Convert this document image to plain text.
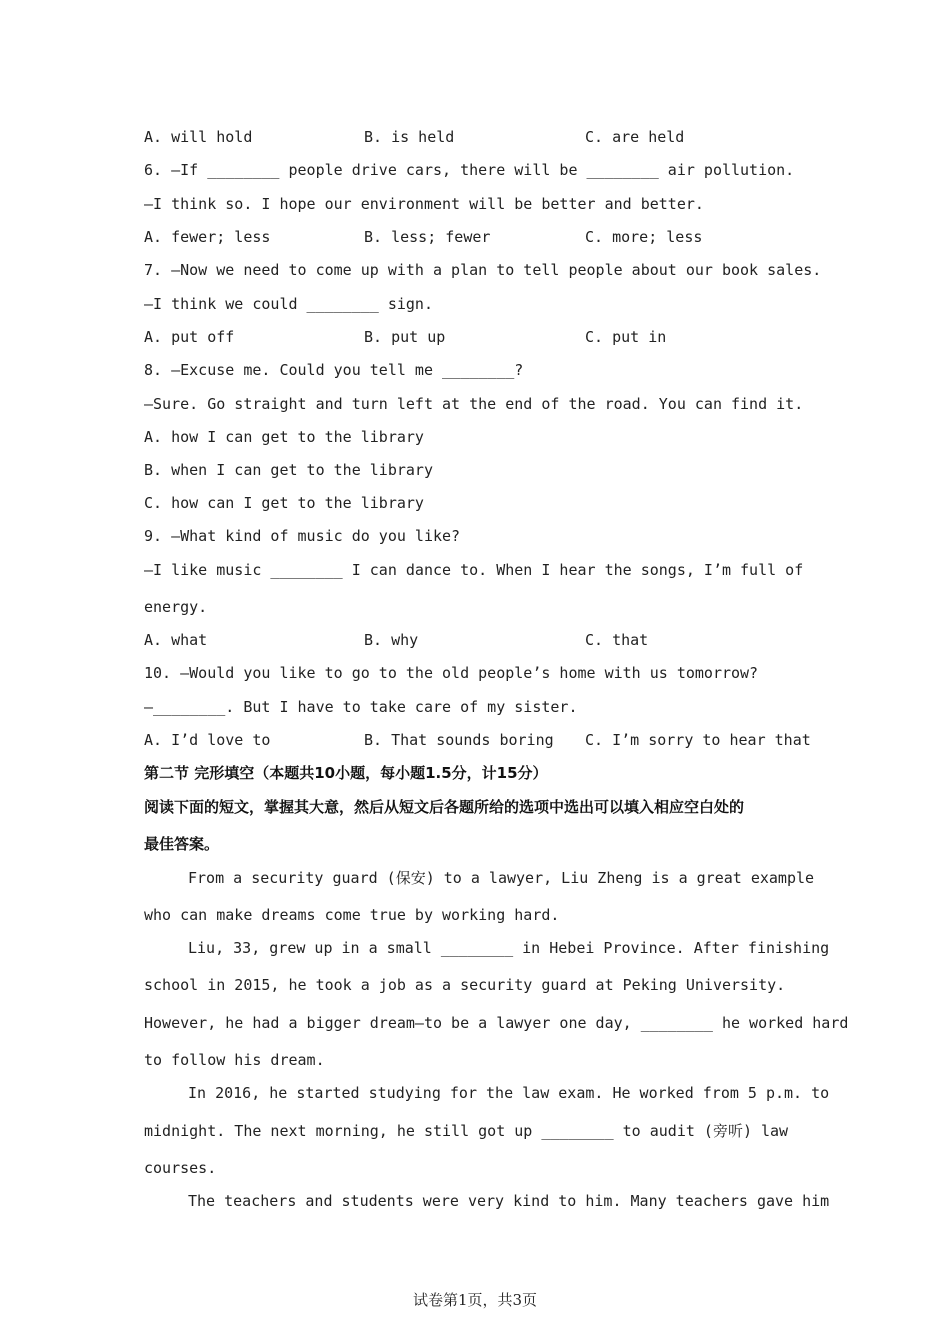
A. will hold	B. is held	C. are held
6. —If ________ people drive cars, there will be ________ air pollution.
—I think so. I hope our environment will be better and better.
A. fewer; less	B. less; fewer	C. more; less
7. —Now we need to come up with a plan to tell people about our book sales.
—I think we could ________ sign.
A. put off	B. put up	C. put in
8. —Excuse me. Could you tell me ________?
—Sure. Go straight and turn left at the end of the road. You can find it.
A. how I can get to the library
B. when I can get to the library
C. how can I get to the library
9. —What kind of music do you like?
—I like music ________ I can dance to. When I hear the songs, I’m full of
energy.
A. what	B. why	C. that
10. —Would you like to go to the old people’s home with us tomorrow?
—________. But I have to take care of my sister.
A. I’d love to	B. That sounds boring C. I’m sorry to hear that
第二节 完形填空（本题共10小题，每小题1.5分，计15分）
阅读下面的短文，掌握其大意，然后从短文后各题所给的选项中选出可以填入相应空白处的
最佳答案。
From a security guard (保安) to a lawyer, Liu Zheng is a great example
who can make dreams come true by working hard.
Liu, 33, grew up in a small ________ in Hebei Province. After finishing
school in 2015, he took a job as a security guard at Peking University.
However, he had a bigger dream—to be a lawyer one day, ________ he worked hard
to follow his dream.
In 2016, he started studying for the law exam. He worked from 5 p.m. to
midnight. The next morning, he still got up ________ to audit (旁听) law
courses.
The teachers and students were very kind to him. Many teachers gave him
试卷第1页，共3页
